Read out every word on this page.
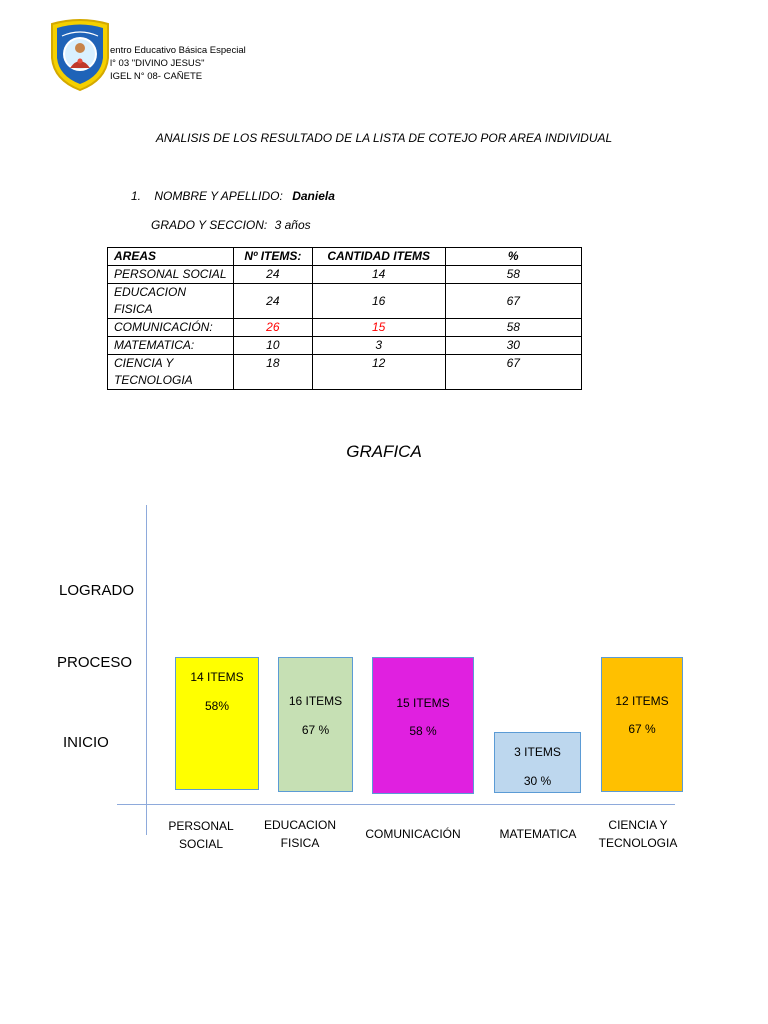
entro Educativo Básica Especial
l° 03 "DIVINO JESUS"
IGEL N° 08- CAÑETE
ANALISIS DE LOS RESULTADO DE LA LISTA DE COTEJO POR AREA INDIVIDUAL
1. NOMBRE Y APELLIDO: Daniela
GRADO Y SECCION: 3 años
AREAS	Nº ITEMS:	CANTIDAD ITEMS	%
PERSONAL SOCIAL	24	14	58
EDUCACION FISICA	24	16	67
COMUNICACIÓN:	26	15	58
MATEMATICA:	10	3	30
CIENCIA Y TECNOLOGIA	18	12	67
GRAFICA
LOGRADO
PROCESO
INICIO
14 ITEMS
58%
PERSONAL
SOCIAL
16 ITEMS
67 %
EDUCACION
FISICA
15 ITEMS
58 %
COMUNICACIÓN
3 ITEMS
30 %
MATEMATICA
12 ITEMS
67 %
CIENCIA Y
TECNOLOGIA
